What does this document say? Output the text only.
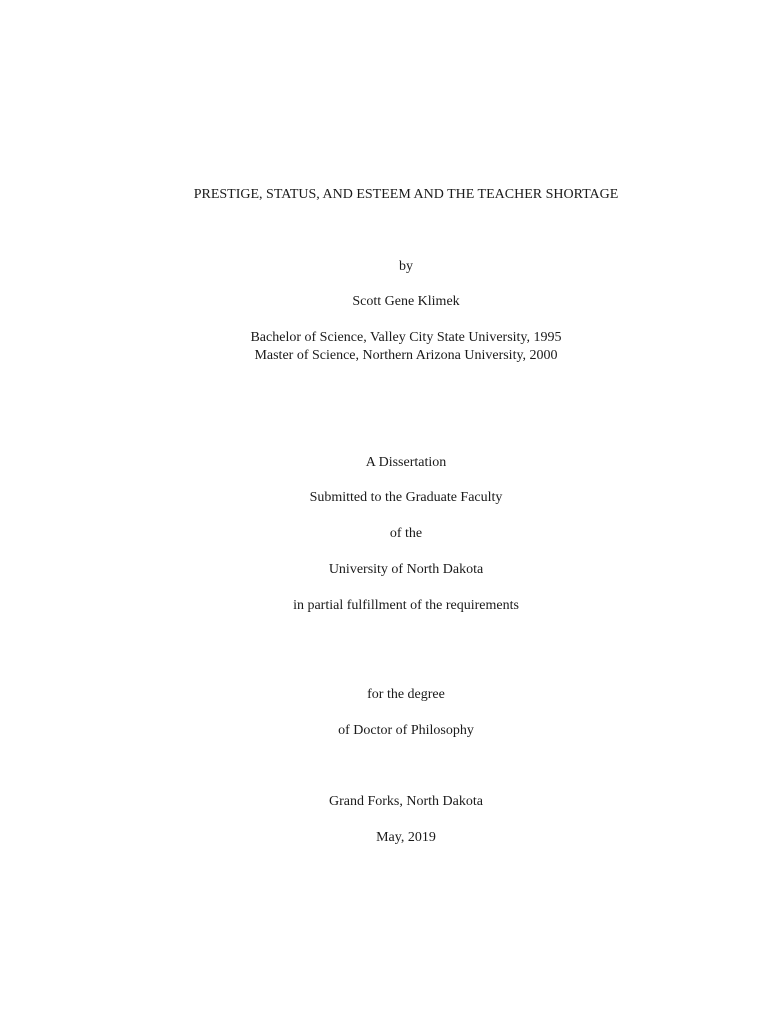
PRESTIGE, STATUS, AND ESTEEM AND THE TEACHER SHORTAGE
by
Scott Gene Klimek
Bachelor of Science, Valley City State University, 1995
Master of Science, Northern Arizona University, 2000
A Dissertation
Submitted to the Graduate Faculty
of the
University of North Dakota
in partial fulfillment of the requirements
for the degree
of Doctor of Philosophy
Grand Forks, North Dakota
May, 2019
